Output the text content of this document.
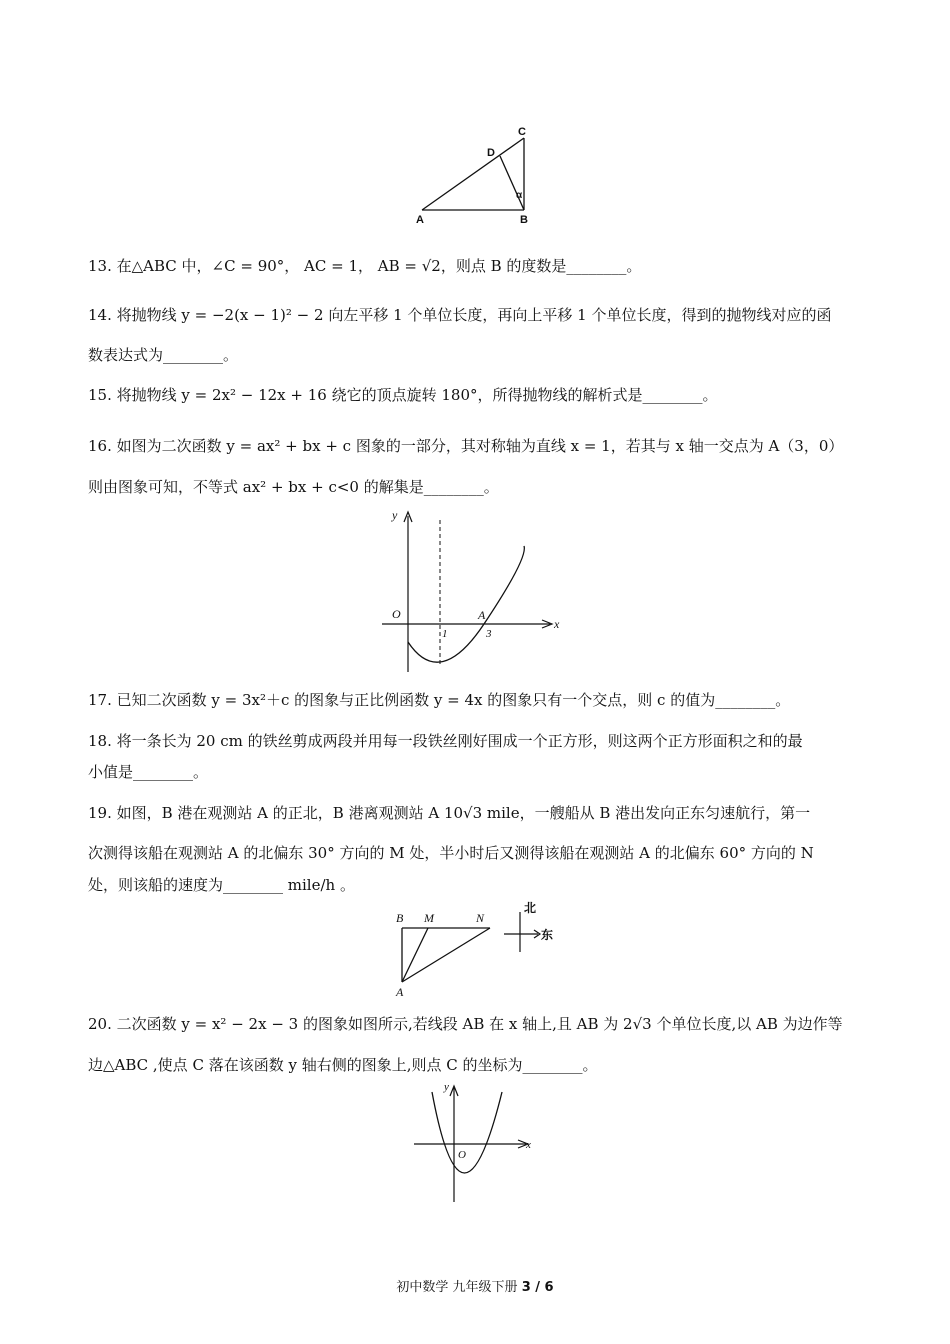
C
D
α
A	B
13. 在△ABC 中，∠C = 90°， AC = 1， AB = √2，则点 B 的度数是________。
14. 将抛物线 y = −2(x − 1)² − 2 向左平移 1 个单位长度，再向上平移 1 个单位长度，得到的抛物线对应的函
数表达式为________。
15. 将抛物线 y = 2x² − 12x + 16 绕它的顶点旋转 180°，所得抛物线的解析式是________。
16. 如图为二次函数 y = ax² + bx + c 图象的一部分，其对称轴为直线 x = 1，若其与 x 轴一交点为 A（3，0）
则由图象可知，不等式 ax² + bx + c<0 的解集是________。
y
x
O	A
1	3
17. 已知二次函数 y = 3x²＋c 的图象与正比例函数 y = 4x 的图象只有一个交点，则 c 的值为________。
18. 将一条长为 20 cm 的铁丝剪成两段并用每一段铁丝刚好围成一个正方形，则这两个正方形面积之和的最
小值是________。
19. 如图，B 港在观测站 A 的正北，B 港离观测站 A 10√3 mile，一艘船从 B 港出发向正东匀速航行，第一
次测得该船在观测站 A 的北偏东 30° 方向的 M 处，半小时后又测得该船在观测站 A 的北偏东 60° 方向的 N
处，则该船的速度为________ mile/h 。
B M	N
A
北
东
20. 二次函数 y = x² − 2x − 3 的图象如图所示,若线段 AB 在 x 轴上,且 AB 为 2√3 个单位长度,以 AB 为边作等
边△ABC ,使点 C 落在该函数 y 轴右侧的图象上,则点 C 的坐标为________。
y
x
O
初中数学 九年级下册 3 / 6
